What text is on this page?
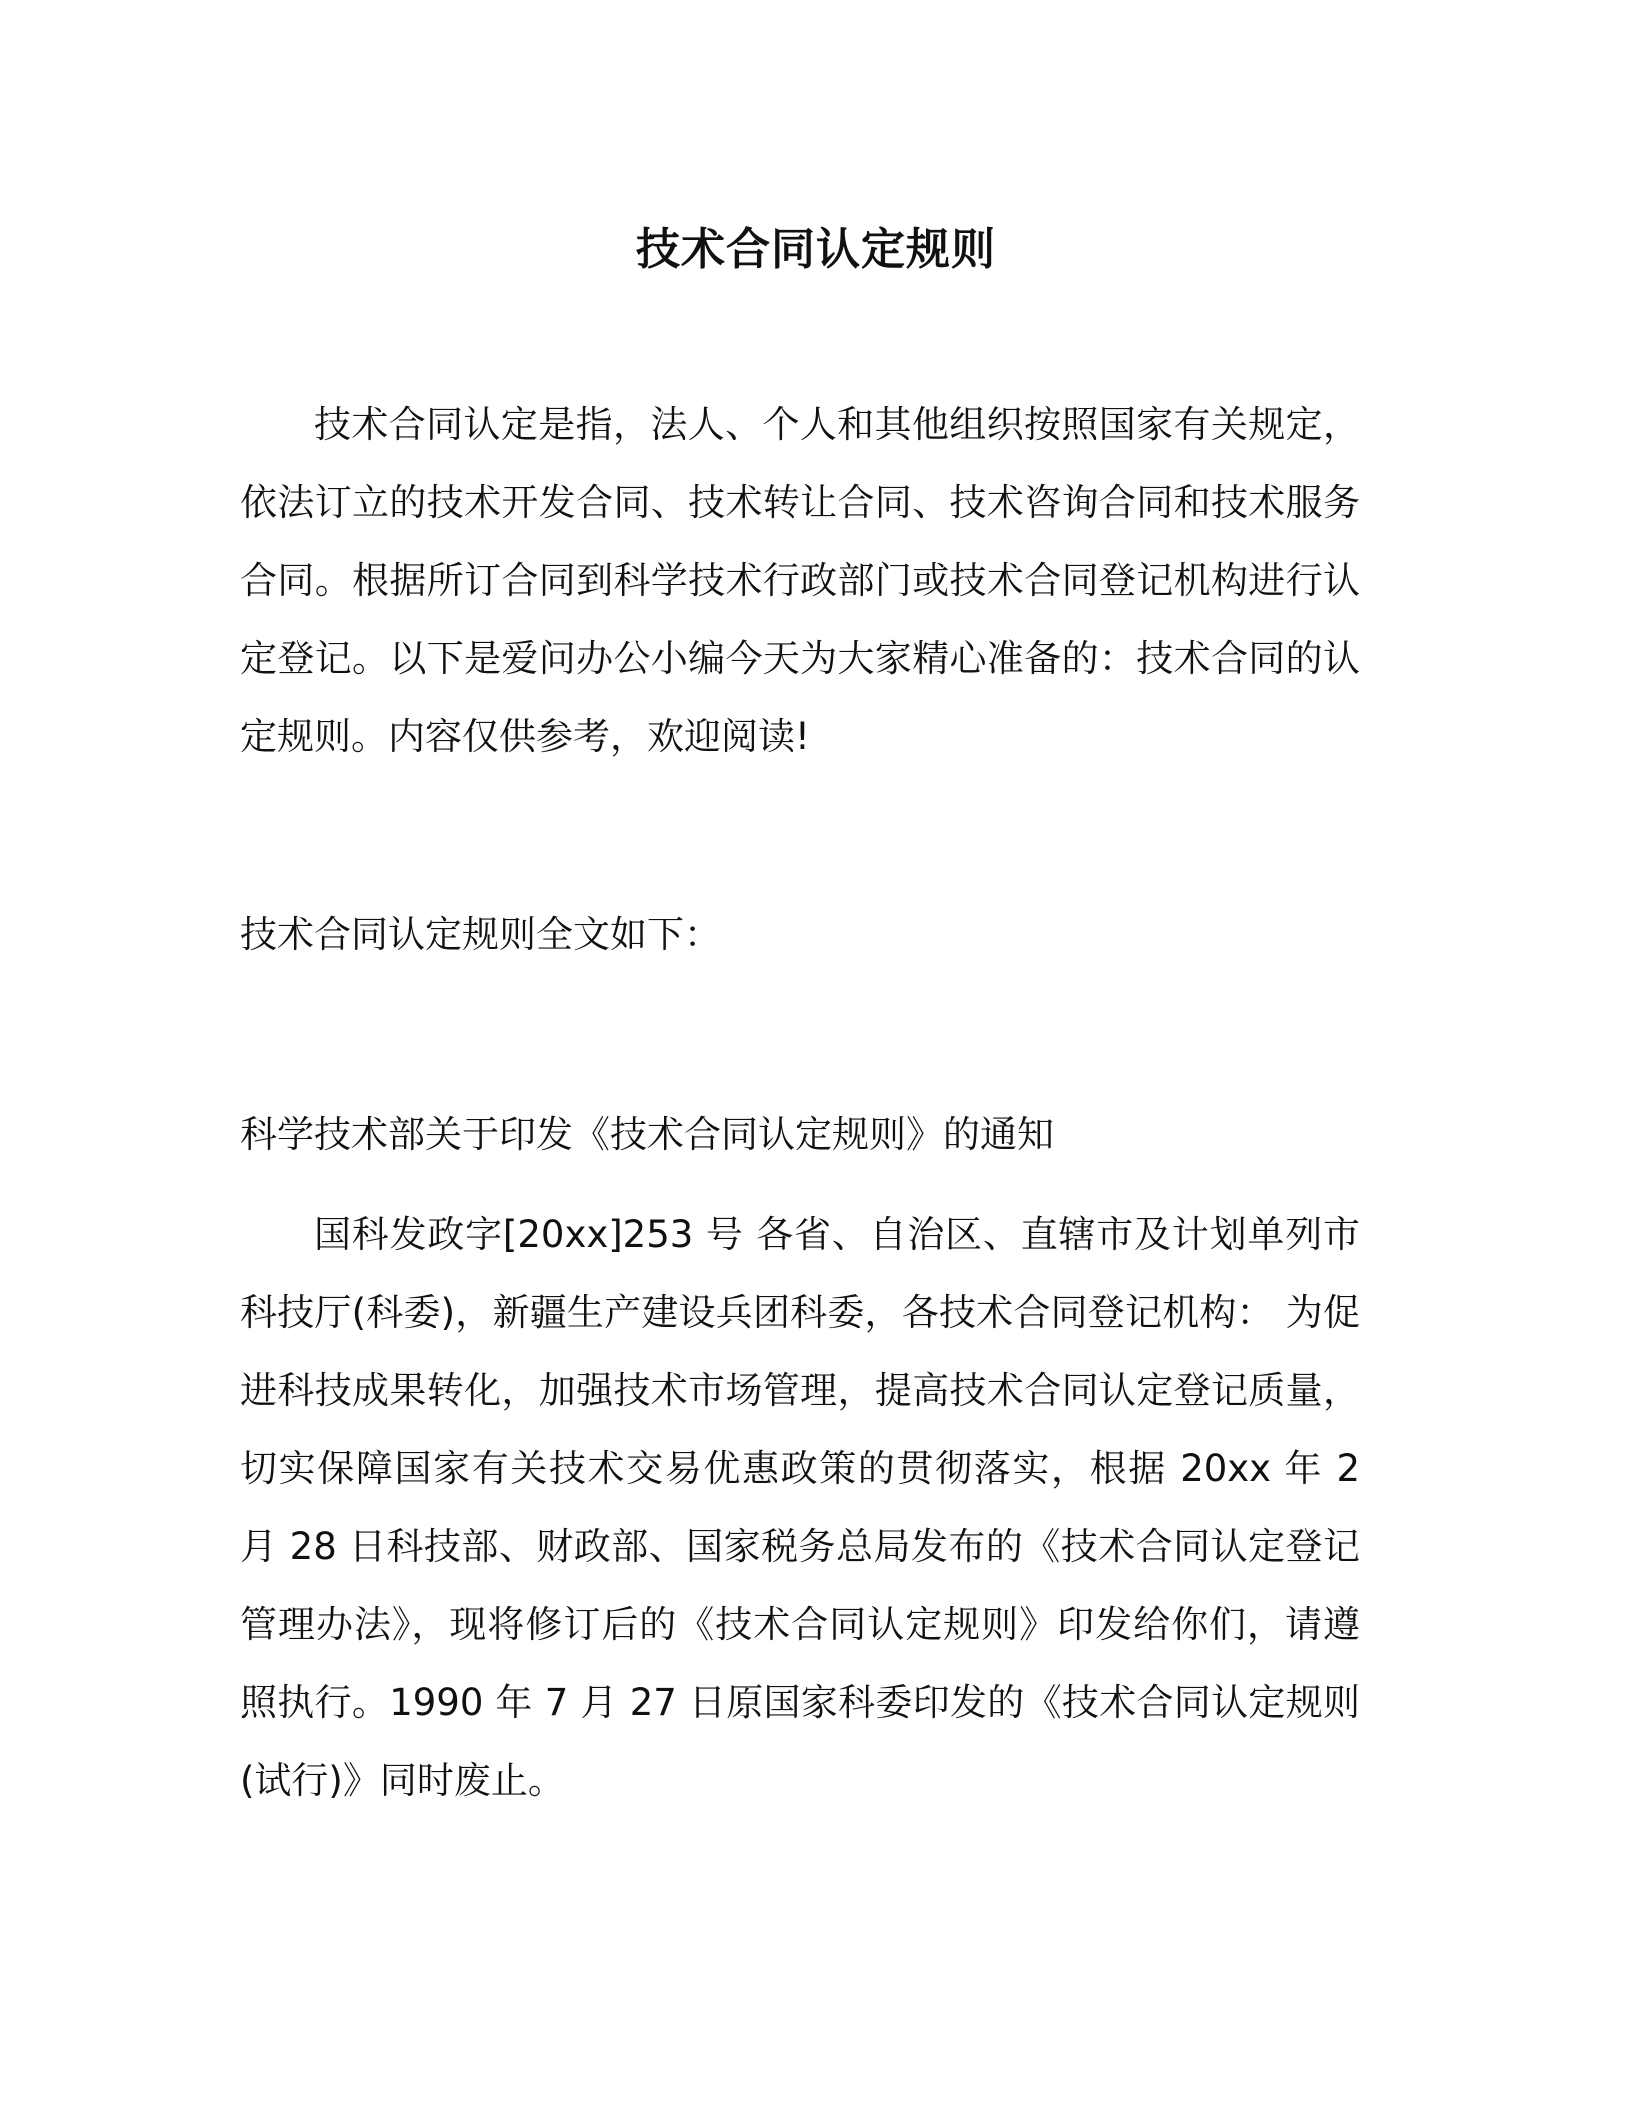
技术合同认定规则

技术合同认定是指，法人、个人和其他组织按照国家有关规定，依法订立的技术开发合同、技术转让合同、技术咨询合同和技术服务合同。根据所订合同到科学技术行政部门或技术合同登记机构进行认定登记。以下是爱问办公小编今天为大家精心准备的：技术合同的认定规则。内容仅供参考，欢迎阅读!

技术合同认定规则全文如下：

科学技术部关于印发《技术合同认定规则》的通知

国科发政字[20xx]253 号 各省、自治区、直辖市及计划单列市科技厅(科委)，新疆生产建设兵团科委，各技术合同登记机构： 为促进科技成果转化，加强技术市场管理，提高技术合同认定登记质量，切实保障国家有关技术交易优惠政策的贯彻落实，根据 20xx 年 2 月 28 日科技部、财政部、国家税务总局发布的《技术合同认定登记管理办法》，现将修订后的《技术合同认定规则》印发给你们，请遵照执行。1990 年 7 月 27 日原国家科委印发的《技术合同认定规则(试行)》同时废止。
